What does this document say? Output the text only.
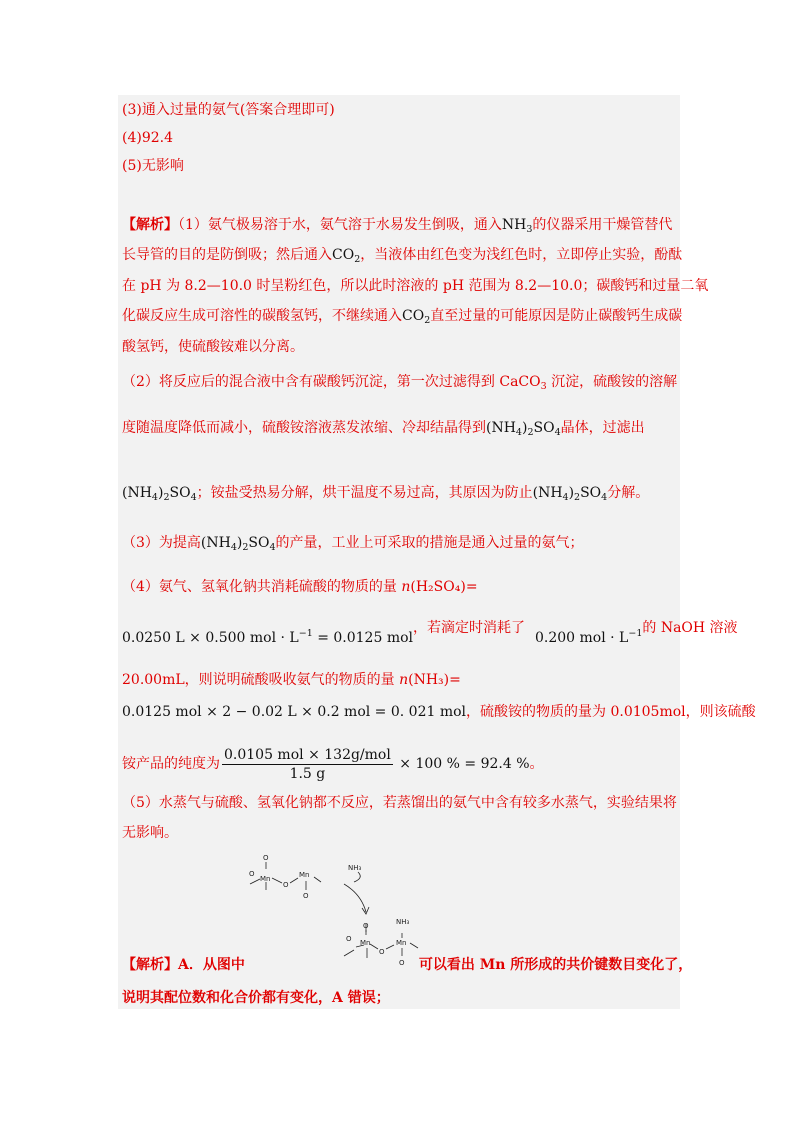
(3)通入过量的氨气(答案合理即可)
(4)92.4
(5)无影响
【解析】（1）氨气极易溶于水，氨气溶于水易发生倒吸，通入$NH_3$的仪器采用干燥管替代
长导管的目的是防倒吸；然后通入$CO_2$，当液体由红色变为浅红色时，立即停止实验，酚酞
在 pH 为 8.2—10.0 时呈粉红色，所以此时溶液的 pH 范围为 8.2—10.0；碳酸钙和过量二氧
化碳反应生成可溶性的碳酸氢钙，不继续通入$CO_2$直至过量的可能原因是防止碳酸钙生成碳
酸氢钙，使硫酸铵难以分离。
（2）将反应后的混合液中含有碳酸钙沉淀，第一次过滤得到 CaCO$_3$ 沉淀，硫酸铵的溶解
度随温度降低而减小，硫酸铵溶液蒸发浓缩、冷却结晶得到$(NH_4)_2SO_4$晶体，过滤出
$(NH_4)_2SO_4$；铵盐受热易分解，烘干温度不易过高，其原因为防止$(NH_4)_2SO_4$分解。
（3）为提高$(NH_4)_2SO_4$的产量，工业上可采取的措施是通入过量的氨气；
（4）氨气、氢氧化钠共消耗硫酸的物质的量 n(H₂SO₄)=
0.0250 L × 0.500 mol · $L^{-1} = 0.0125$ mol，若滴定时消耗了0.200 mol · $L^{-1}$的 NaOH 溶液
20.00mL，则说明硫酸吸收氨气的物质的量 n(NH₃)=
0.0125 mol × 2 − 0.02 L × 0.2 mol = 0. 021 mol，硫酸铵的物质的量为 0.0105mol，则该硫酸
铵产品的纯度为 $\frac{\text{0.0105 mol × 132g/mol}}{1.5 g} \times 100$ % = 92.4 %。
（5）水蒸气与硫酸、氢氧化钠都不反应，若蒸馏出的氨气中含有较多水蒸气，实验结果将
无影响。
O
Mn
O
O
Mn
O
NH₃
O
Mn
O
O
Mn
NH₃
O
【解析】A．从图中	可以看出 Mn 所形成的共价键数目变化了，
说明其配位数和化合价都有变化，A 错误；
